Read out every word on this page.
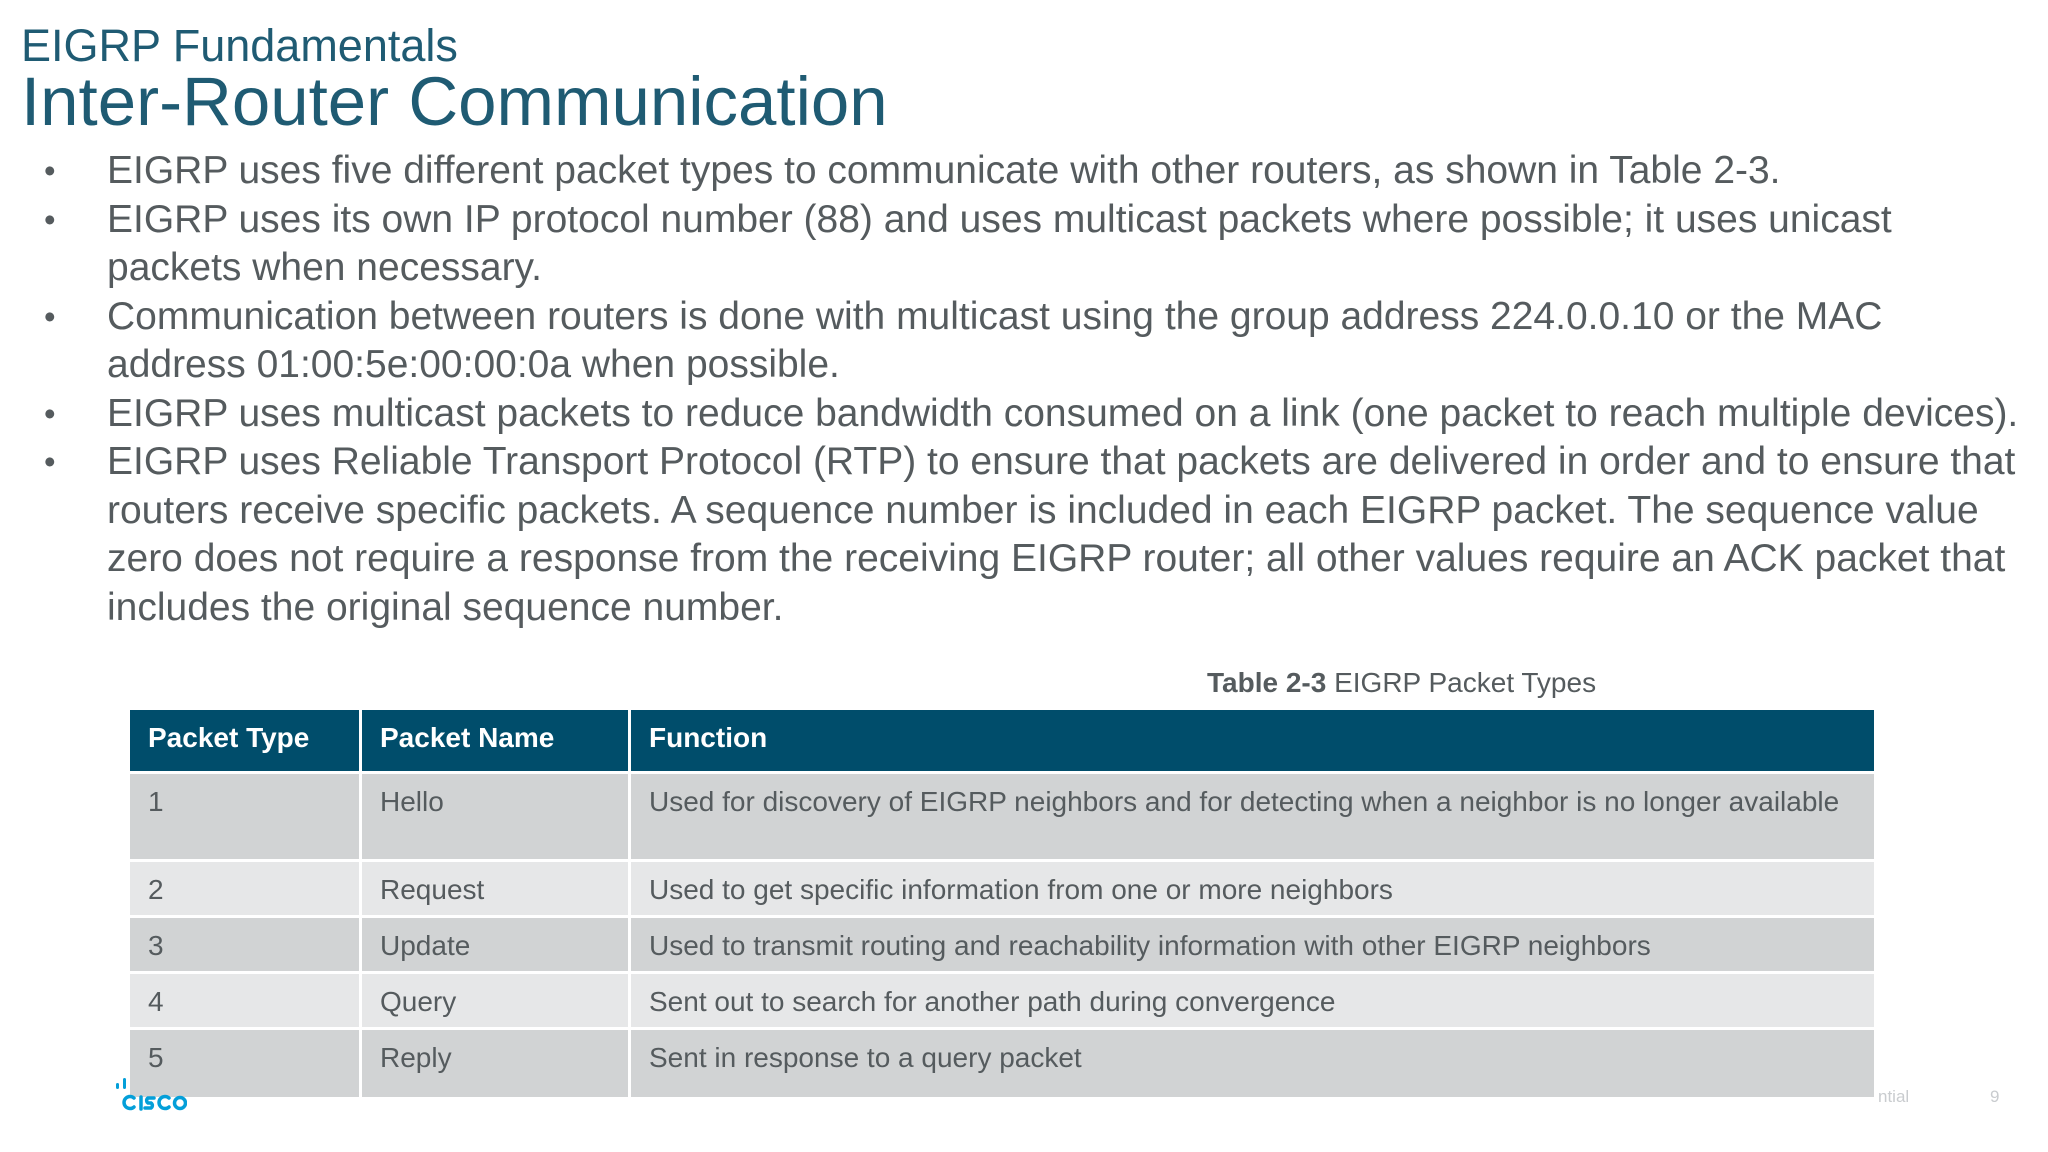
EIGRP Fundamentals
Inter-Router Communication
• EIGRP uses five different packet types to communicate with other routers, as shown in Table 2-3.
• EIGRP uses its own IP protocol number (88) and uses multicast packets where possible; it uses unicast packets when necessary.
• Communication between routers is done with multicast using the group address 224.0.0.10 or the MAC address 01:00:5e:00:00:0a when possible.
• EIGRP uses multicast packets to reduce bandwidth consumed on a link (one packet to reach multiple devices).
• EIGRP uses Reliable Transport Protocol (RTP) to ensure that packets are delivered in order and to ensure that routers receive specific packets. A sequence number is included in each EIGRP packet. The sequence value zero does not require a response from the receiving EIGRP router; all other values require an ACK packet that includes the original sequence number.
Table 2-3 EIGRP Packet Types
Packet Type	Packet Name	Function
1	Hello	Used for discovery of EIGRP neighbors and for detecting when a neighbor is no longer available
2	Request	Used to get specific information from one or more neighbors
3	Update	Used to transmit routing and reachability information with other EIGRP neighbors
4	Query	Sent out to search for another path during convergence
5	Reply	Sent in response to a query packet
ntial	9
